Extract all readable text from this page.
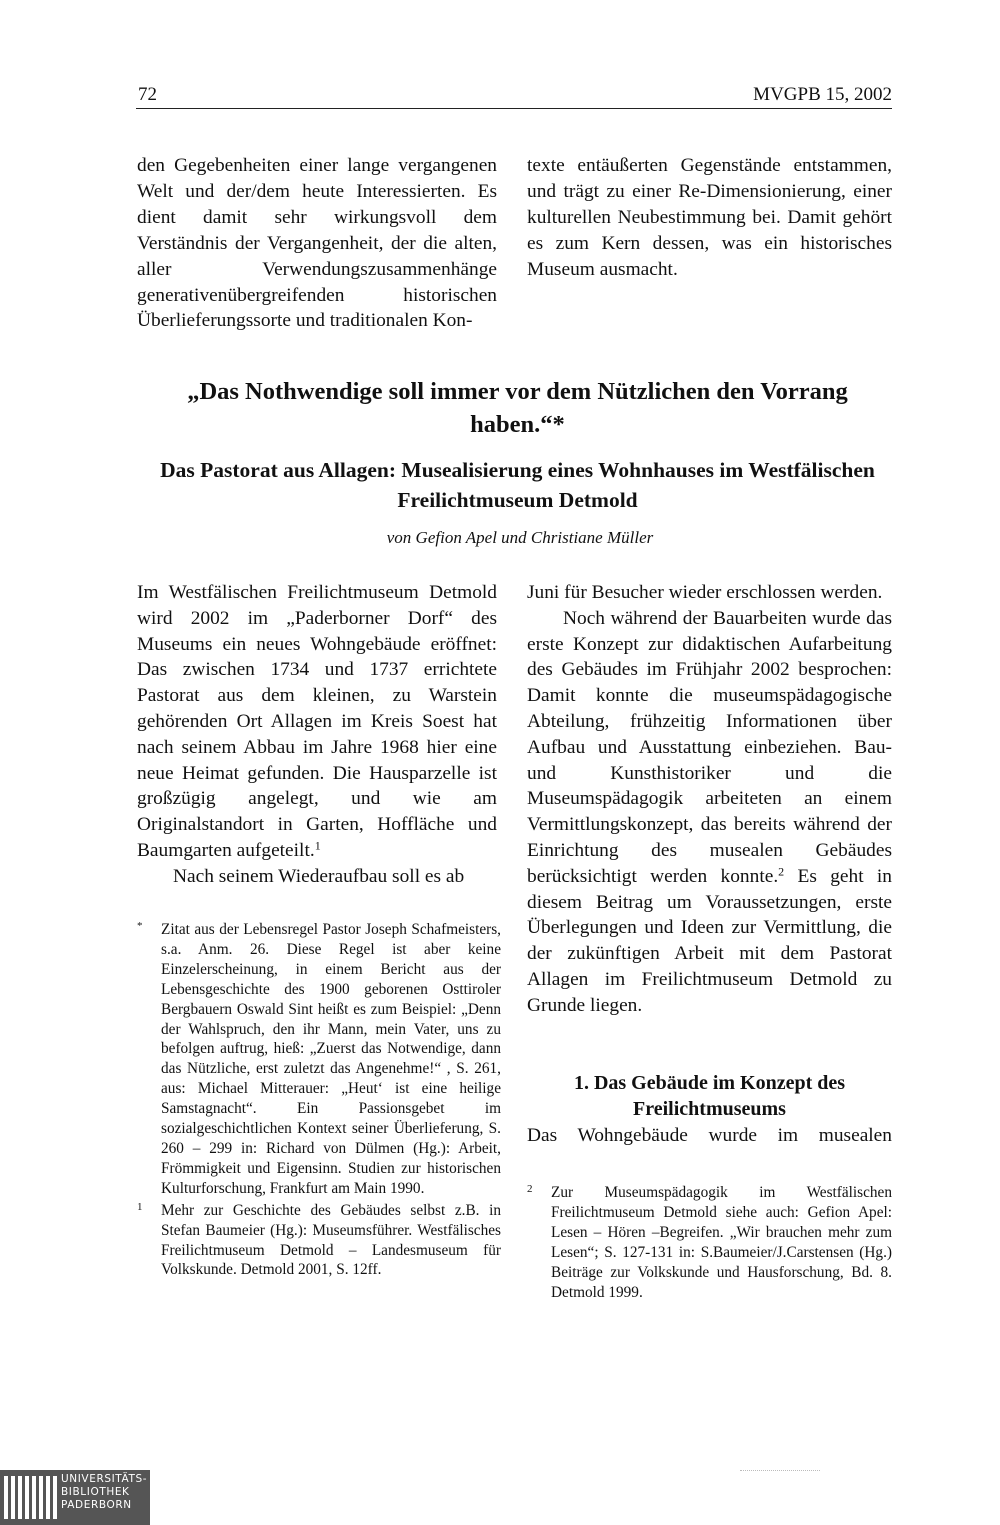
72	MVGPB 15, 2002

den Gegebenheiten einer lange vergangenen Welt und der/dem heute Interessierten. Es dient damit sehr wirkungsvoll dem Verständnis der Vergangenheit, der die alten, aller Verwendungszusammenhänge generativenübergreifenden historischen Überlieferungssorte und traditionalen Kon-

texte entäußerten Gegenstände entstammen, und trägt zu einer Re-Dimensionierung, einer kulturellen Neubestimmung bei. Damit gehört es zum Kern dessen, was ein historisches Museum ausmacht.

„Das Nothwendige soll immer vor dem Nützlichen den Vorrang haben.“*
Das Pastorat aus Allagen: Musealisierung eines Wohnhauses im Westfälischen Freilichtmuseum Detmold
von Gefion Apel und Christiane Müller

Im Westfälischen Freilichtmuseum Detmold wird 2002 im „Paderborner Dorf“ des Museums ein neues Wohngebäude eröffnet: Das zwischen 1734 und 1737 errichtete Pastorat aus dem kleinen, zu Warstein gehörenden Ort Allagen im Kreis Soest hat nach seinem Abbau im Jahre 1968 hier eine neue Heimat gefunden. Die Hausparzelle ist großzügig angelegt, und wie am Originalstandort in Garten, Hoffläche und Baumgarten aufgeteilt.$^1$

Nach seinem Wiederaufbau soll es ab

Juni für Besucher wieder erschlossen werden.

Noch während der Bauarbeiten wurde das erste Konzept zur didaktischen Aufarbeitung des Gebäudes im Frühjahr 2002 besprochen: Damit konnte die museumspädagogische Abteilung, frühzeitig Informationen über Aufbau und Ausstattung einbeziehen. Bau- und Kunsthistoriker und die Museumspädagogik arbeiteten an einem Vermittlungskonzept, das bereits während der Einrichtung des musealen Gebäudes berücksichtigt werden konnte.$^2$ Es geht in diesem Beitrag um Voraussetzungen, erste Überlegungen und Ideen zur Vermittlung, die der zukünftigen Arbeit mit dem Pastorat Allagen im Freilichtmuseum Detmold zu Grunde liegen.

* Zitat aus der Lebensregel Pastor Joseph Schafmeisters, s.a. Anm. 26. Diese Regel ist aber keine Einzelerscheinung, in einem Bericht aus der Lebensgeschichte des 1900 geborenen Osttiroler Bergbauern Oswald Sint heißt es zum Beispiel: „Denn der Wahlspruch, den ihr Mann, mein Vater, uns zu befolgen auftrug, hieß: „Zuerst das Notwendige, dann das Nützliche, erst zuletzt das Angenehme!“ , S. 261, aus: Michael Mitterauer: „Heut‘ ist eine heilige Samstagnacht“. Ein Passionsgebet im sozialgeschichtlichen Kontext seiner Überlieferung, S. 260 – 299 in: Richard von Dülmen (Hg.): Arbeit, Frömmigkeit und Eigensinn. Studien zur historischen Kulturforschung, Frankfurt am Main 1990.

1 Mehr zur Geschichte des Gebäudes selbst z.B. in Stefan Baumeier (Hg.): Museumsführer. Westfälisches Freilichtmuseum Detmold – Landesmuseum für Volkskunde. Detmold 2001, S. 12ff.

1. Das Gebäude im Konzept des Freilichtmuseums
Das Wohngebäude wurde im musealen

2 Zur Museumspädagogik im Westfälischen Freilichtmuseum Detmold siehe auch: Gefion Apel: Lesen – Hören –Begreifen. „Wir brauchen mehr zum Lesen“; S. 127-131 in: S.Baumeier/J.Carstensen (Hg.) Beiträge zur Volkskunde und Hausforschung, Bd. 8. Detmold 1999.

UNIVERSITÄTS-
BIBLIOTHEK
PADERBORN
